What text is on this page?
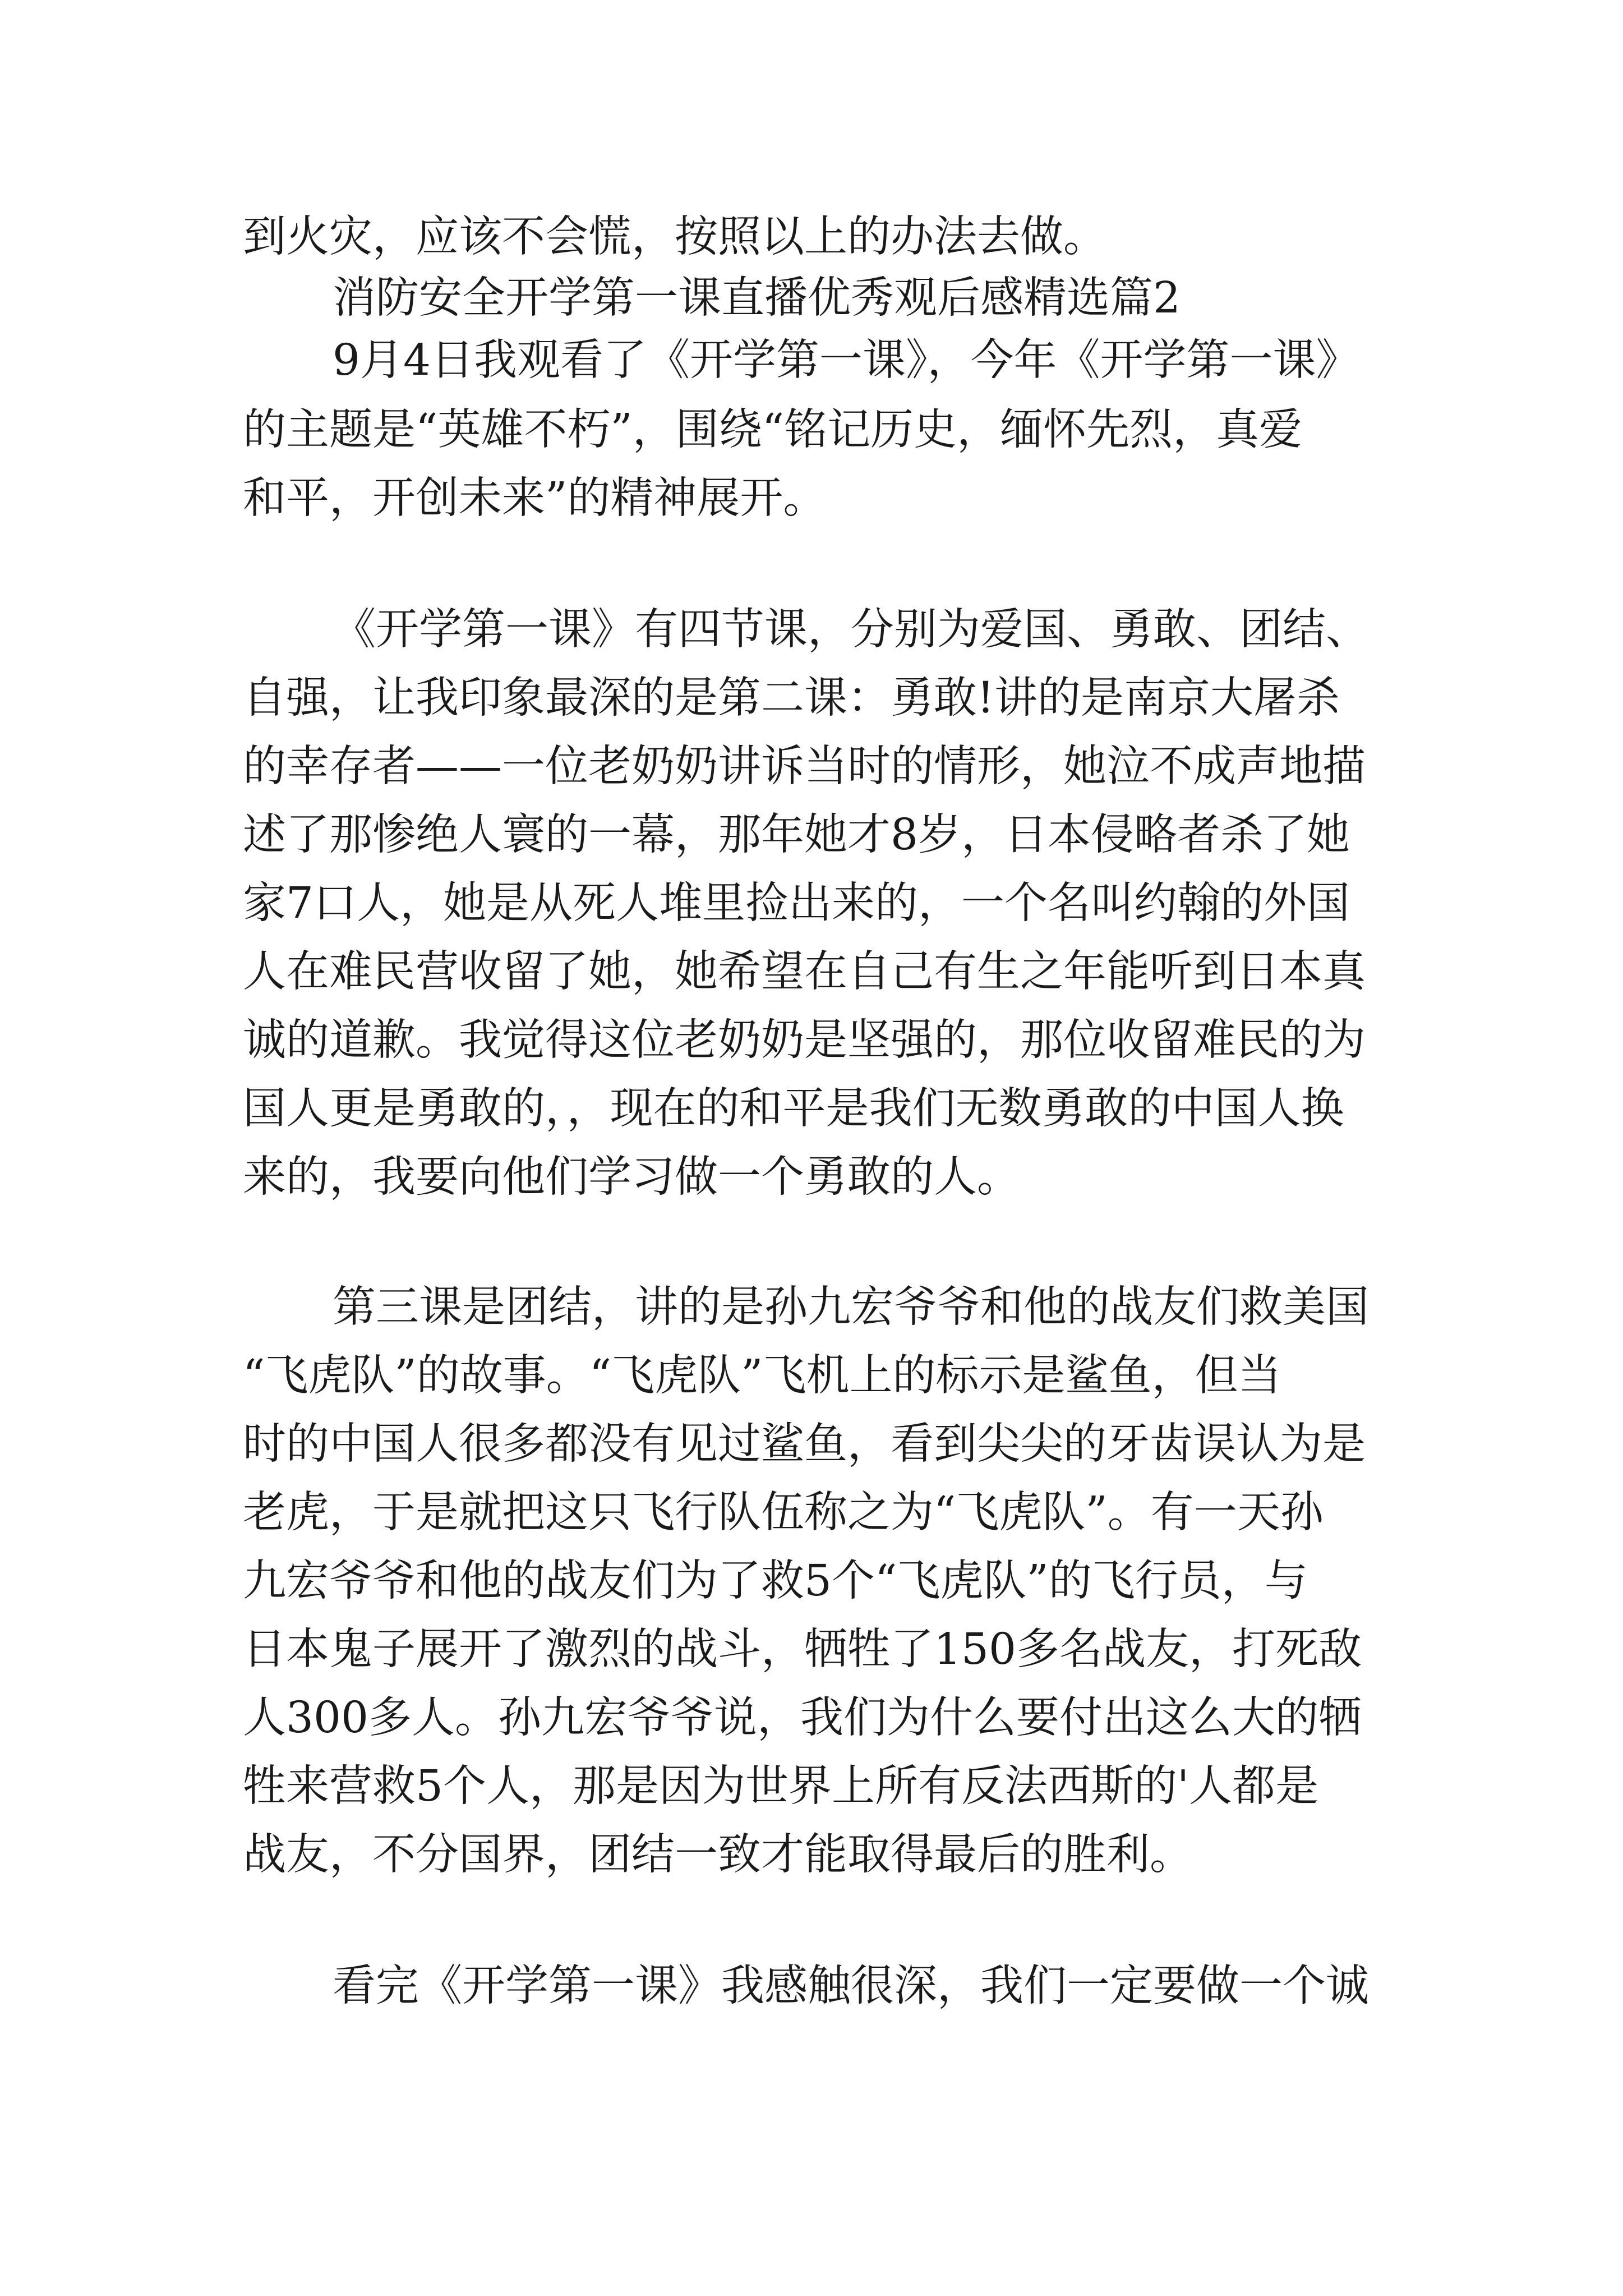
到火灾，应该不会慌，按照以上的办法去做。
消防安全开学第一课直播优秀观后感精选篇2
9月4日我观看了《开学第一课》，今年《开学第一课》
的主题是“英雄不朽”，围绕“铭记历史，缅怀先烈，真爱
和平，开创未来”的精神展开。
《开学第一课》有四节课，分别为爱国、勇敢、团结、
自强，让我印象最深的是第二课：勇敢!讲的是南京大屠杀
的幸存者——一位老奶奶讲诉当时的情形，她泣不成声地描
述了那惨绝人寰的一幕，那年她才8岁，日本侵略者杀了她
家7口人，她是从死人堆里捡出来的，一个名叫约翰的外国
人在难民营收留了她，她希望在自己有生之年能听到日本真
诚的道歉。我觉得这位老奶奶是坚强的，那位收留难民的为
国人更是勇敢的，，现在的和平是我们无数勇敢的中国人换
来的，我要向他们学习做一个勇敢的人。
第三课是团结，讲的是孙九宏爷爷和他的战友们救美国
“飞虎队”的故事。“飞虎队”飞机上的标示是鲨鱼，但当
时的中国人很多都没有见过鲨鱼，看到尖尖的牙齿误认为是
老虎，于是就把这只飞行队伍称之为“飞虎队”。有一天孙
九宏爷爷和他的战友们为了救5个“飞虎队”的飞行员，与
日本鬼子展开了激烈的战斗，牺牲了150多名战友，打死敌
人300多人。孙九宏爷爷说，我们为什么要付出这么大的牺
牲来营救5个人，那是因为世界上所有反法西斯的'人都是
战友，不分国界，团结一致才能取得最后的胜利。
看完《开学第一课》我感触很深，我们一定要做一个诚
